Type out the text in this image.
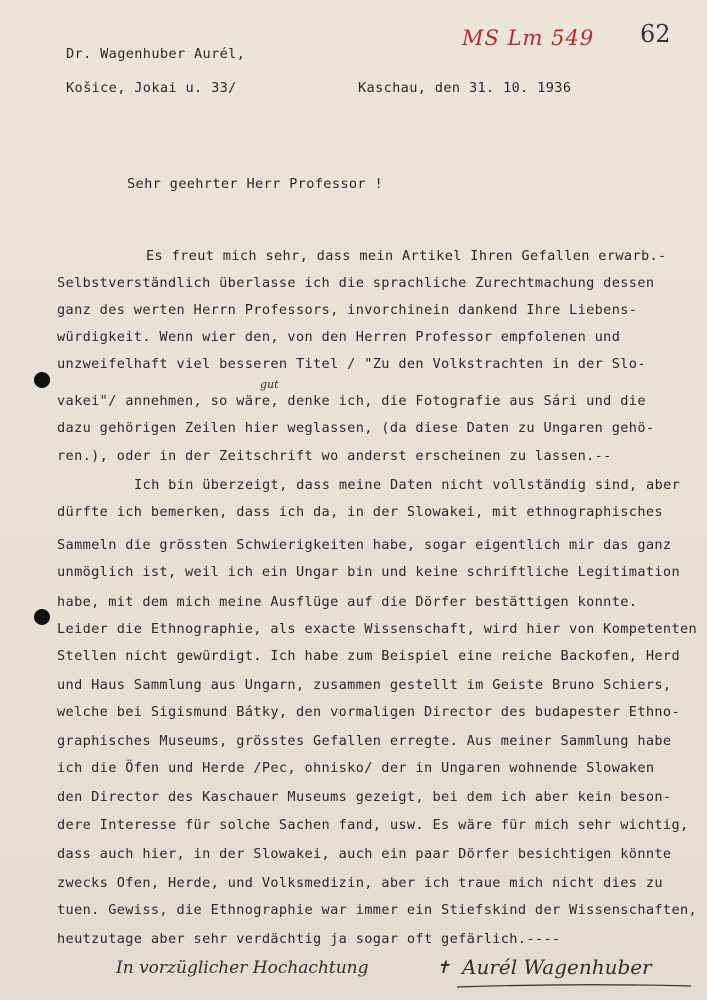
MS Lm 549 62
Dr. Wagenhuber Aurél,
Košice, Jokai u. 33/	Kaschau, den 31. 10. 1936
Sehr geehrter Herr Professor !
Es freut mich sehr, dass mein Artikel Ihren Gefallen erwarb.-
Selbstverständlich überlasse ich die sprachliche Zurechtmachung dessen
ganz des werten Herrn Professors, invorchinein dankend Ihre Liebens-
würdigkeit. Wenn wier den, von den Herren Professor empfolenen und
unzweifelhaft viel besseren Titel / "Zu den Volkstrachten in der Slo-
vakei"/ annehmen, so wäre, denke ich, die Fotografie aus Sári und die
dazu gehörigen Zeilen hier weglassen, (da diese Daten zu Ungaren gehö-
ren.), oder in der Zeitschrift wo anderst erscheinen zu lassen.--
Ich bin überzeigt, dass meine Daten nicht vollständig sind, aber
dürfte ich bemerken, dass ich da, in der Slowakei, mit ethnographisches
Sammeln die grössten Schwierigkeiten habe, sogar eigentlich mir das ganz
unmöglich ist, weil ich ein Ungar bin und keine schriftliche Legitimation
habe, mit dem mich meine Ausflüge auf die Dörfer bestättigen konnte.
Leider die Ethnographie, als exacte Wissenschaft, wird hier von Kompetenten
Stellen nicht gewürdigt. Ich habe zum Beispiel eine reiche Backofen, Herd
und Haus Sammlung aus Ungarn, zusammen gestellt im Geiste Bruno Schiers,
welche bei Sigismund Bátky, den vormaligen Director des budapester Ethno-
graphisches Museums, grösstes Gefallen erregte. Aus meiner Sammlung habe
ich die Öfen und Herde /Pec, ohnisko/ der in Ungaren wohnende Slowaken
den Director des Kaschauer Museums gezeigt, bei dem ich aber kein beson-
dere Interesse für solche Sachen fand, usw. Es wäre für mich sehr wichtig,
dass auch hier, in der Slowakei, auch ein paar Dörfer besichtigen könnte
zwecks Ofen, Herde, und Volksmedizin, aber ich traue mich nicht dies zu
tuen. Gewiss, die Ethnographie war immer ein Stiefskind der Wissenschaften,
heutzutage aber sehr verdächtig ja sogar oft gefärlich.----
gut
In vorzüglicher Hochachtung	✝ Aurél Wagenhuber
